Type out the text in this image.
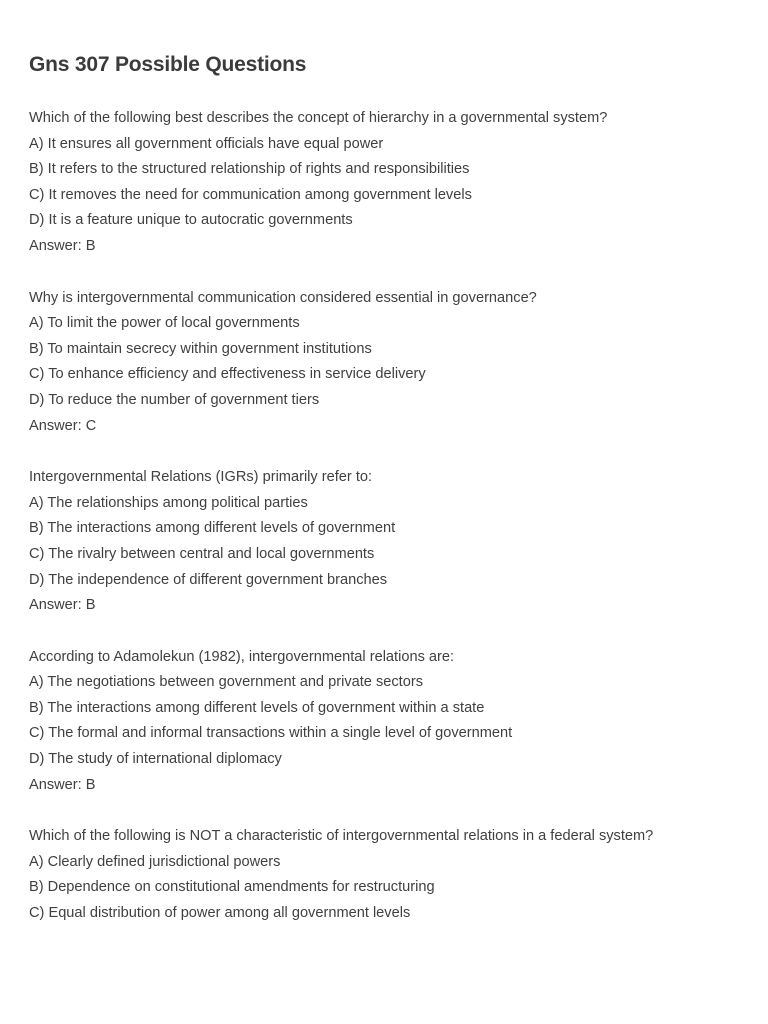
Gns 307 Possible Questions
Which of the following best describes the concept of hierarchy in a governmental system?
A) It ensures all government officials have equal power
B) It refers to the structured relationship of rights and responsibilities
C) It removes the need for communication among government levels
D) It is a feature unique to autocratic governments
Answer: B
Why is intergovernmental communication considered essential in governance?
A) To limit the power of local governments
B) To maintain secrecy within government institutions
C) To enhance efficiency and effectiveness in service delivery
D) To reduce the number of government tiers
Answer: C
Intergovernmental Relations (IGRs) primarily refer to:
A) The relationships among political parties
B) The interactions among different levels of government
C) The rivalry between central and local governments
D) The independence of different government branches
Answer: B
According to Adamolekun (1982), intergovernmental relations are:
A) The negotiations between government and private sectors
B) The interactions among different levels of government within a state
C) The formal and informal transactions within a single level of government
D) The study of international diplomacy
Answer: B
Which of the following is NOT a characteristic of intergovernmental relations in a federal system?
A) Clearly defined jurisdictional powers
B) Dependence on constitutional amendments for restructuring
C) Equal distribution of power among all government levels
